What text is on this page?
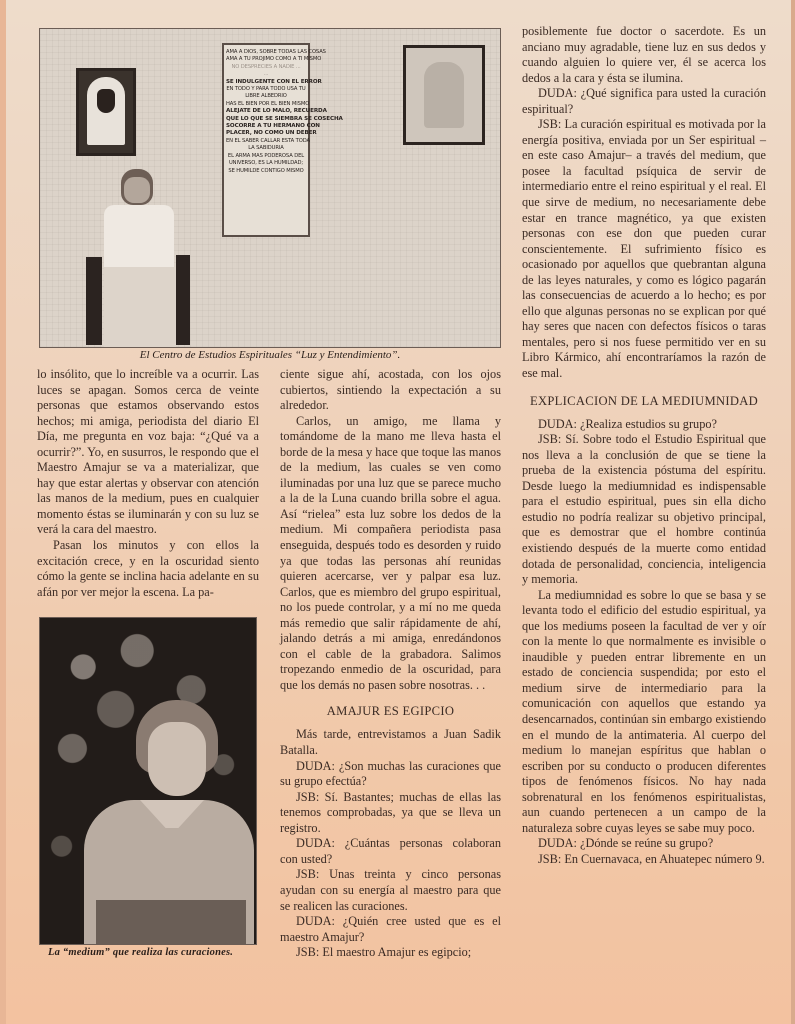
AMA A DIOS, SOBRE TODAS LAS COSAS
AMA A TU PROJIMO COMO A TI MISMO
NO DESPRECIES A NADIE ...
...
SE INDULGENTE CON EL ERROR
EN TODO Y PARA TODO USA TU
LIBRE ALBEDRIO
HAS EL BIEN POR EL BIEN MISMO
ALEJATE DE LO MALO, RECUERDA
QUE LO QUE SE SIEMBRA SE COSECHA
SOCORRE A TU HERMANO CON
PLACER, NO COMO UN DEBER
EN EL SABER CALLAR ESTA TODA
LA SABIDURIA
EL ARMA MAS PODEROSA DEL
UNIVERSO, ES LA HUMILDAD;
SE HUMILDE CONTIGO MISMO
El Centro de Estudios Espirituales “Luz y Entendimiento”.
La “medium” que realiza las curaciones.

lo insólito, que lo increíble va a ocurrir. Las luces se apagan. Somos cerca de veinte personas que estamos observando estos hechos; mi amiga, periodista del diario El Día, me pregunta en voz baja: “¿Qué va a ocurrir?”. Yo, en susurros, le respondo que el Maestro Amajur se va a materializar, que hay que estar alertas y observar con atención las manos de la medium, pues en cualquier momento éstas se iluminarán y con su luz se verá la cara del maestro.

Pasan los minutos y con ellos la excitación crece, y en la oscuridad siento cómo la gente se inclina hacia adelante en su afán por ver mejor la escena. La pa-

ciente sigue ahí, acostada, con los ojos cubiertos, sintiendo la expectación a su alrededor.

Carlos, un amigo, me llama y tomándome de la mano me lleva hasta el borde de la mesa y hace que toque las manos de la medium, las cuales se ven como iluminadas por una luz que se parece mucho a la de la Luna cuando brilla sobre el agua. Así “rielea” esta luz sobre los dedos de la medium. Mi compañera periodista pasa enseguida, después todo es desorden y ruido ya que todas las personas ahí reunidas quieren acercarse, ver y palpar esa luz. Carlos, que es miembro del grupo espiritual, no los puede controlar, y a mí no me queda más remedio que salir rápidamente de ahí, jalando detrás a mi amiga, enredándonos con el cable de la grabadora. Salimos tropezando enmedio de la oscuridad, para que los demás no pasen sobre nosotras. . .

AMAJUR ES EGIPCIO

Más tarde, entrevistamos a Juan Sadik Batalla.

DUDA: ¿Son muchas las curaciones que su grupo efectúa?

JSB: Sí. Bastantes; muchas de ellas las tenemos comprobadas, ya que se lleva un registro.

DUDA: ¿Cuántas personas colaboran con usted?

JSB: Unas treinta y cinco personas ayudan con su energía al maestro para que se realicen las curaciones.

DUDA: ¿Quién cree usted que es el maestro Amajur?

JSB: El maestro Amajur es egipcio;

posiblemente fue doctor o sacerdote. Es un anciano muy agradable, tiene luz en sus dedos y cuando alguien lo quiere ver, él se acerca los dedos a la cara y ésta se ilumina.

DUDA: ¿Qué significa para usted la curación espiritual?

JSB: La curación espiritual es motivada por la energía positiva, enviada por un Ser espiritual –en este caso Amajur– a través del medium, que posee la facultad psíquica de servir de intermediario entre el reino espiritual y el real. El que sirve de medium, no necesariamente debe estar en trance magnético, ya que existen personas con ese don que pueden curar conscientemente. El sufrimiento físico es ocasionado por aquellos que quebrantan alguna de las leyes naturales, y como es lógico pagarán las consecuencias de acuerdo a lo hecho; es por ello que algunas personas no se explican por qué hay seres que nacen con defectos físicos o taras mentales, pero si nos fuese permitido ver en su Libro Kármico, ahí encontraríamos la razón de ese mal.

EXPLICACION DE LA MEDIUMNIDAD

DUDA: ¿Realiza estudios su grupo?

JSB: Sí. Sobre todo el Estudio Espiritual que nos lleva a la conclusión de que se tiene la prueba de la existencia póstuma del espíritu. Desde luego la mediumnidad es indispensable para el estudio espiritual, pues sin ella dicho estudio no podría realizar su objetivo principal, que es demostrar que el hombre continúa existiendo después de la muerte como entidad dotada de personalidad, conciencia, inteligencia y memoria.

La mediumnidad es sobre lo que se basa y se levanta todo el edificio del estudio espiritual, ya que los mediums poseen la facultad de ver y oír con la mente lo que normalmente es invisible o inaudible y pueden entrar libremente en un estado de conciencia suspendida; por esto el medium sirve de intermediario para la comunicación con aquellos que estando ya desencarnados, continúan sin embargo existiendo en el mundo de la antimateria. Al cuerpo del medium lo manejan espíritus que hablan o escriben por su conducto o producen diferentes tipos de fenómenos físicos. No hay nada sobrenatural en los fenómenos espiritualistas, aun cuando pertenecen a un campo de la naturaleza sobre cuyas leyes se sabe muy poco.

DUDA: ¿Dónde se reúne su grupo?

JSB: En Cuernavaca, en Ahuatepec número 9.
